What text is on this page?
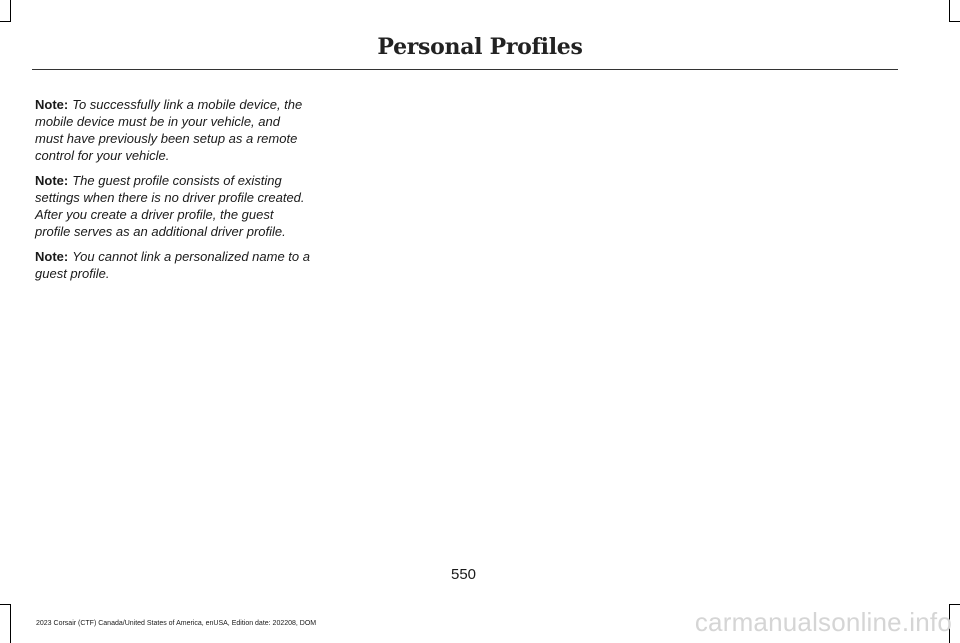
Personal Profiles

Note: To successfully link a mobile device, the mobile device must be in your vehicle, and must have previously been setup as a remote control for your vehicle.

Note: The guest profile consists of existing settings when there is no driver profile created. After you create a driver profile, the guest profile serves as an additional driver profile.

Note: You cannot link a personalized name to a guest profile.

550
2023 Corsair (CTF) Canada/United States of America, enUSA, Edition date: 202208, DOM	carmanualsonline.info
